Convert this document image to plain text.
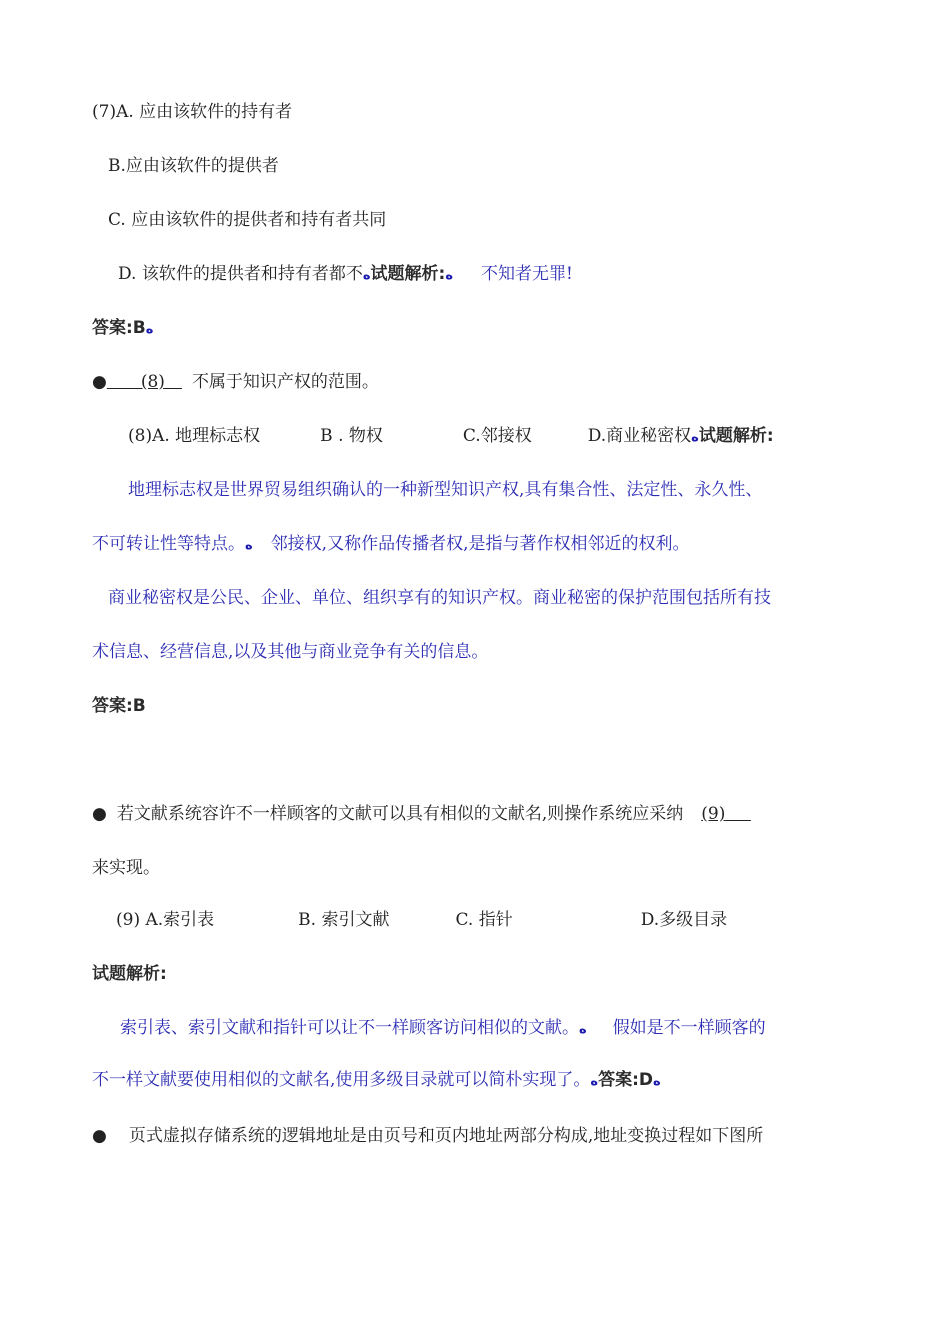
(7)A. 应由该软件的持有者
B.应由该软件的提供者
C. 应由该软件的提供者和持有者共同
D. 该软件的提供者和持有者都不ه试题解析:ه 不知者无罪!
答案:Bه
●   (8)  不属于知识产权的范围。
(8)A. 地理标志权	B . 物权	C.邻接权	D.商业秘密权ه试题解析:
地理标志权是世界贸易组织确认的一种新型知识产权,具有集合性、法定性、永久性、
不可转让性等特点。ه 邻接权,又称作品传播者权,是指与著作权相邻近的权利。
商业秘密权是公民、企业、单位、组织享有的知识产权。商业秘密的保护范围包括所有技
术信息、经营信息,以及其他与商业竞争有关的信息。
答案:B
● 若文献系统容许不一样顾客的文献可以具有相似的文献名,则操作系统应采纳 (9)  
来实现。
(9) A.索引表	B. 索引文献	C. 指针	D.多级目录
试题解析:
索引表、索引文献和指针可以让不一样顾客访问相似的文献。ه 假如是不一样顾客的
不一样文献要使用相似的文献名,使用多级目录就可以简朴实现了。ه答案:Dه
● 页式虚拟存储系统的逻辑地址是由页号和页内地址两部分构成,地址变换过程如下图所
